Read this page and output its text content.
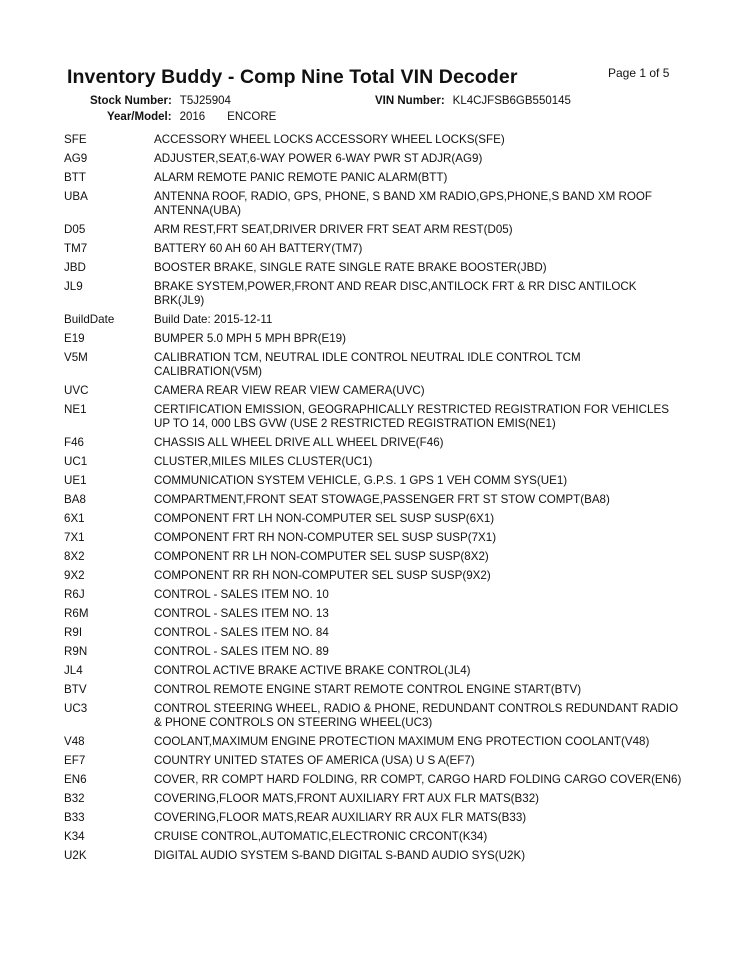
Inventory Buddy - Comp Nine Total VIN Decoder	Page 1 of 5
Stock Number: T5J25904	VIN Number: KL4CJFSB6GB550145
Year/Model: 2016 ENCORE
SFE	ACCESSORY WHEEL LOCKS ACCESSORY WHEEL LOCKS(SFE)
AG9	ADJUSTER,SEAT,6-WAY POWER 6-WAY PWR ST ADJR(AG9)
BTT	ALARM REMOTE PANIC REMOTE PANIC ALARM(BTT)
UBA	ANTENNA ROOF, RADIO, GPS, PHONE, S BAND XM RADIO,GPS,PHONE,S BAND XM ROOF ANTENNA(UBA)
D05	ARM REST,FRT SEAT,DRIVER DRIVER FRT SEAT ARM REST(D05)
TM7	BATTERY 60 AH 60 AH BATTERY(TM7)
JBD	BOOSTER BRAKE, SINGLE RATE SINGLE RATE BRAKE BOOSTER(JBD)
JL9	BRAKE SYSTEM,POWER,FRONT AND REAR DISC,ANTILOCK FRT & RR DISC ANTILOCK BRK(JL9)
BuildDate	Build Date: 2015-12-11
E19	BUMPER 5.0 MPH 5 MPH BPR(E19)
V5M	CALIBRATION TCM, NEUTRAL IDLE CONTROL NEUTRAL IDLE CONTROL TCM CALIBRATION(V5M)
UVC	CAMERA REAR VIEW REAR VIEW CAMERA(UVC)
NE1	CERTIFICATION EMISSION, GEOGRAPHICALLY RESTRICTED REGISTRATION FOR VEHICLES UP TO 14, 000 LBS GVW (USE 2 RESTRICTED REGISTRATION EMIS(NE1)
F46	CHASSIS ALL WHEEL DRIVE ALL WHEEL DRIVE(F46)
UC1	CLUSTER,MILES MILES CLUSTER(UC1)
UE1	COMMUNICATION SYSTEM VEHICLE, G.P.S. 1 GPS 1 VEH COMM SYS(UE1)
BA8	COMPARTMENT,FRONT SEAT STOWAGE,PASSENGER FRT ST STOW COMPT(BA8)
6X1	COMPONENT FRT LH NON-COMPUTER SEL SUSP SUSP(6X1)
7X1	COMPONENT FRT RH NON-COMPUTER SEL SUSP SUSP(7X1)
8X2	COMPONENT RR LH NON-COMPUTER SEL SUSP SUSP(8X2)
9X2	COMPONENT RR RH NON-COMPUTER SEL SUSP SUSP(9X2)
R6J	CONTROL - SALES ITEM NO. 10
R6M	CONTROL - SALES ITEM NO. 13
R9I	CONTROL - SALES ITEM NO. 84
R9N	CONTROL - SALES ITEM NO. 89
JL4	CONTROL ACTIVE BRAKE ACTIVE BRAKE CONTROL(JL4)
BTV	CONTROL REMOTE ENGINE START REMOTE CONTROL ENGINE START(BTV)
UC3	CONTROL STEERING WHEEL, RADIO & PHONE, REDUNDANT CONTROLS REDUNDANT RADIO & PHONE CONTROLS ON STEERING WHEEL(UC3)
V48	COOLANT,MAXIMUM ENGINE PROTECTION MAXIMUM ENG PROTECTION COOLANT(V48)
EF7	COUNTRY UNITED STATES OF AMERICA (USA) U S A(EF7)
EN6	COVER, RR COMPT HARD FOLDING, RR COMPT, CARGO HARD FOLDING CARGO COVER(EN6)
B32	COVERING,FLOOR MATS,FRONT AUXILIARY FRT AUX FLR MATS(B32)
B33	COVERING,FLOOR MATS,REAR AUXILIARY RR AUX FLR MATS(B33)
K34	CRUISE CONTROL,AUTOMATIC,ELECTRONIC CRCONT(K34)
U2K	DIGITAL AUDIO SYSTEM S-BAND DIGITAL S-BAND AUDIO SYS(U2K)
